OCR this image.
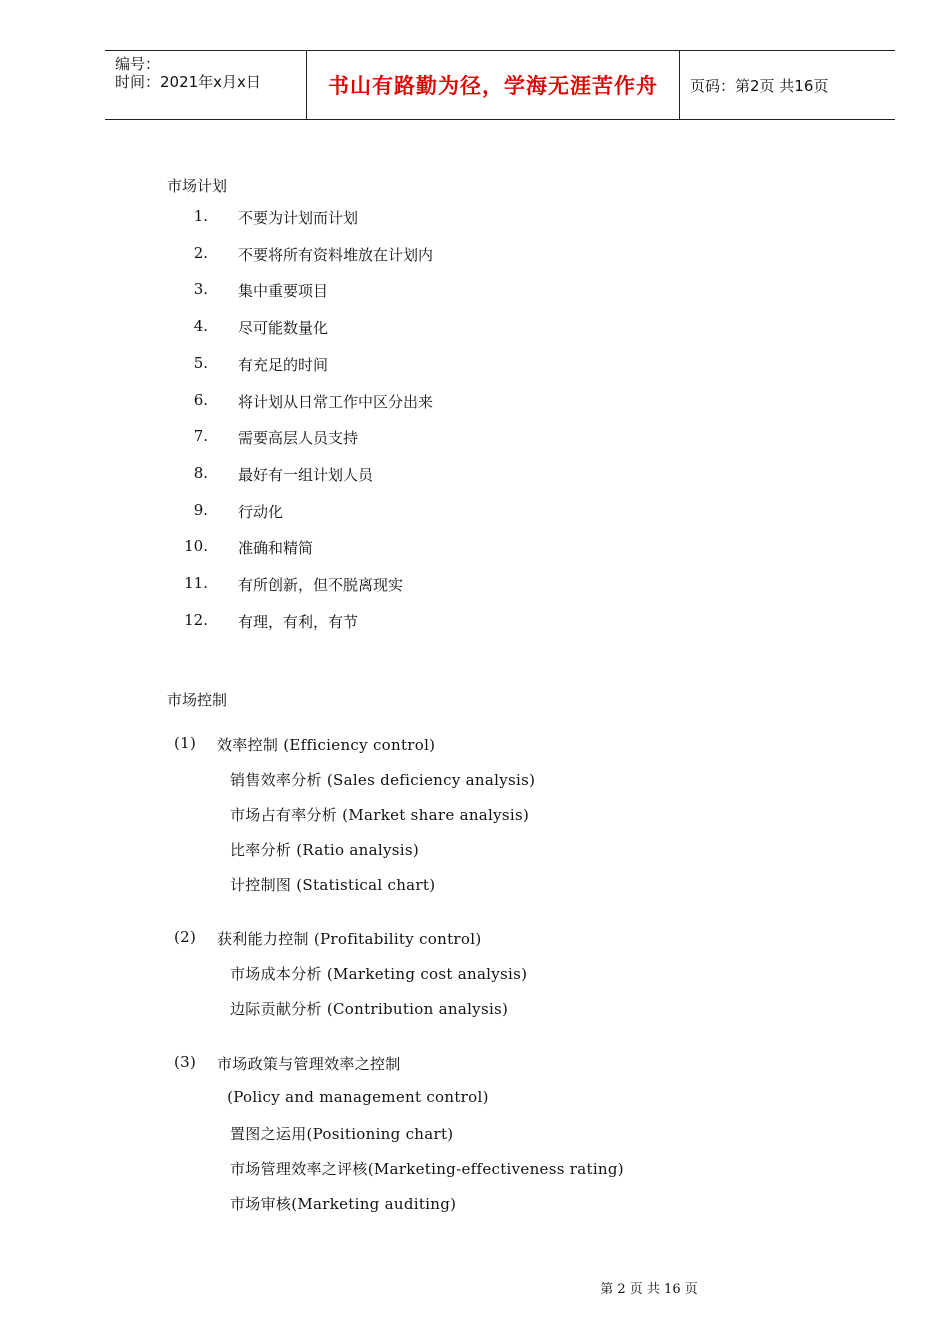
编号：
时间：2021年x月x日	书山有路勤为径，学海无涯苦作舟	页码：第2页 共16页
市场计划
1. 不要为计划而计划
2. 不要将所有资料堆放在计划内
3. 集中重要项目
4. 尽可能数量化
5. 有充足的时间
6. 将计划从日常工作中区分出来
7. 需要高层人员支持
8. 最好有一组计划人员
9. 行动化
10. 准确和精简
11. 有所创新，但不脱离现实
12. 有理，有利，有节
市场控制
(1) 效率控制 (Efficiency control)
销售效率分析 (Sales deficiency analysis)
市场占有率分析 (Market share analysis)
比率分析 (Ratio analysis)
计控制图 (Statistical chart)
(2) 获利能力控制 (Profitability control)
市场成本分析 (Marketing cost analysis)
边际贡献分析 (Contribution analysis)
(3) 市场政策与管理效率之控制
(Policy and management control)
置图之运用(Positioning chart)
市场管理效率之评核(Marketing-effectiveness rating)
市场审核(Marketing auditing)
第 2 页 共 16 页
